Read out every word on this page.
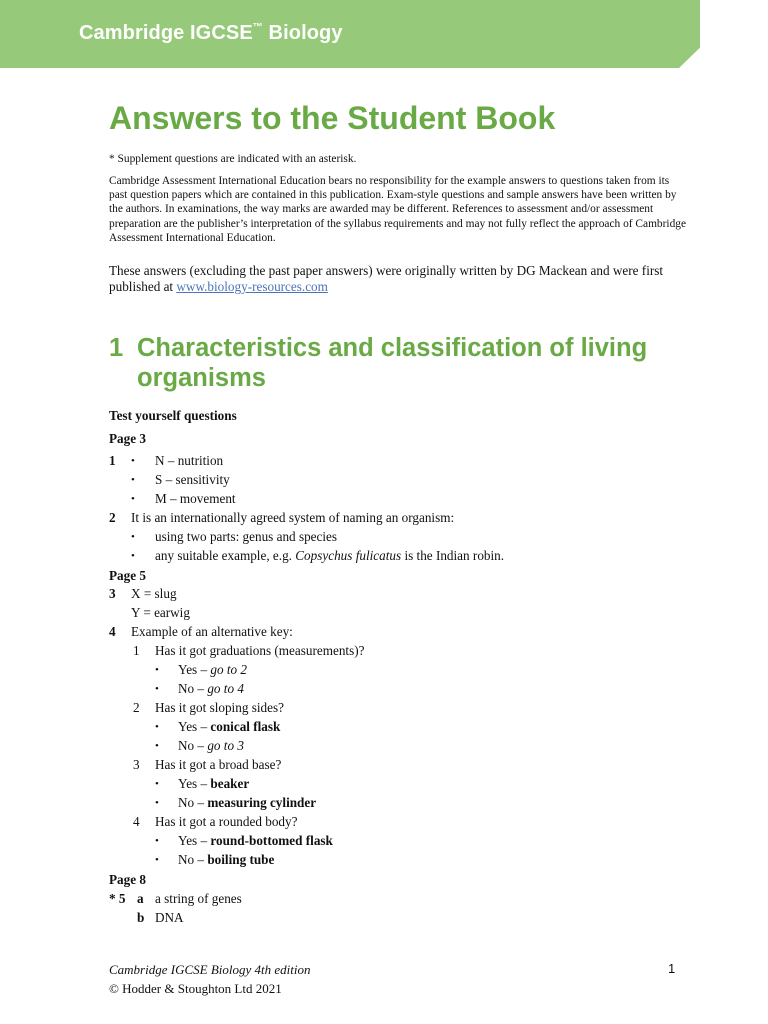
Cambridge IGCSE™ Biology
Answers to the Student Book
* Supplement questions are indicated with an asterisk.
Cambridge Assessment International Education bears no responsibility for the example answers to questions taken from its past question papers which are contained in this publication. Exam-style questions and sample answers have been written by the authors. In examinations, the way marks are awarded may be different. References to assessment and/or assessment preparation are the publisher’s interpretation of the syllabus requirements and may not fully reflect the approach of Cambridge Assessment International Education.
These answers (excluding the past paper answers) were originally written by DG Mackean and were first published at www.biology-resources.com
1 Characteristics and classification of living organisms
Test yourself questions
Page 3
1 • N – nutrition
• S – sensitivity
• M – movement
2 It is an internationally agreed system of naming an organism:
• using two parts: genus and species
• any suitable example, e.g. Copsychus fulicatus is the Indian robin.
Page 5
3 X = slug
Y = earwig
4 Example of an alternative key:
1 Has it got graduations (measurements)?
• Yes – go to 2
• No – go to 4
2 Has it got sloping sides?
• Yes – conical flask
• No – go to 3
3 Has it got a broad base?
• Yes – beaker
• No – measuring cylinder
4 Has it got a rounded body?
• Yes – round-bottomed flask
• No – boiling tube
Page 8
* 5 a a string of genes
b DNA
Cambridge IGCSE Biology 4th edition
© Hodder & Stoughton Ltd 2021
1
